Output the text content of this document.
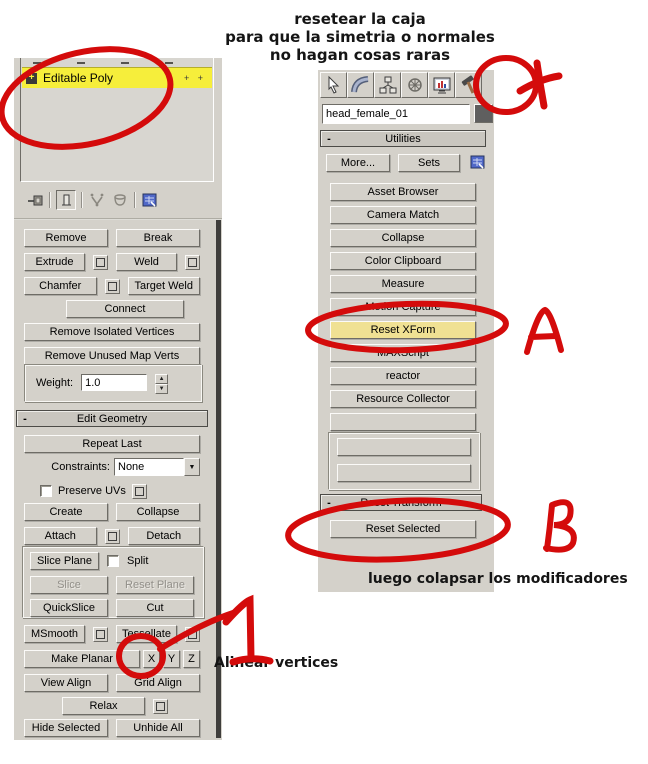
resetear la caja
para que la simetria o normales
no hagan cosas raras
+ Editable Poly	+ +
Remove	Break
Extrude	Weld
Chamfer	Target Weld
Connect
Remove Isolated Vertices
Remove Unused Map Verts
Weight:	1.0	▲
▼
-	Edit Geometry
Repeat Last
Constraints: None	▼
Preserve UVs
Create	Collapse
Attach	Detach
Slice Plane	Split
Slice	Reset Plane
QuickSlice	Cut
MSmooth	Tessellate
Make Planar	X	Y	Z
View Align	Grid Align
Relax
Hide Selected	Unhide All
head_female_01
-	Utilities
More...	Sets
Asset Browser
Camera Match
Collapse
Color Clipboard
Measure
Motion Capture
Reset XForm
MAXScript
reactor
Resource Collector
-	Reset Transform
Reset Selected
luego colapsar los modificadores
Alinear vertices
